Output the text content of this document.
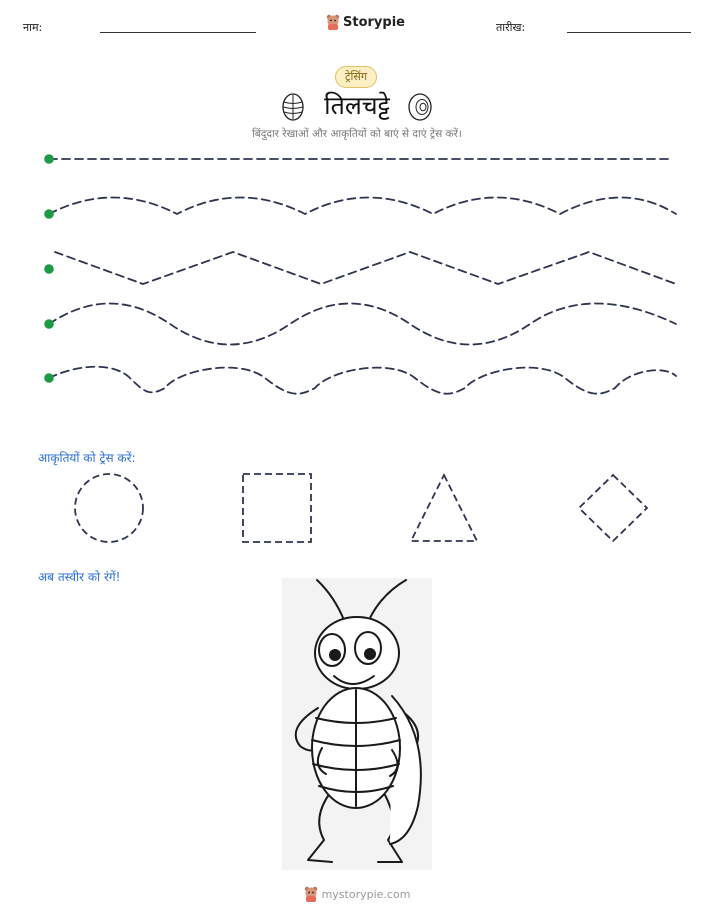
नाम:	Storypie	तारीख:
ट्रेसिंग
तिलचट्टे
बिंदुदार रेखाओं और आकृतियों को बाएं से दाएं ट्रेस करें।
आकृतियों को ट्रेस करें:
अब तस्वीर को रंगें!
mystorypie.com
